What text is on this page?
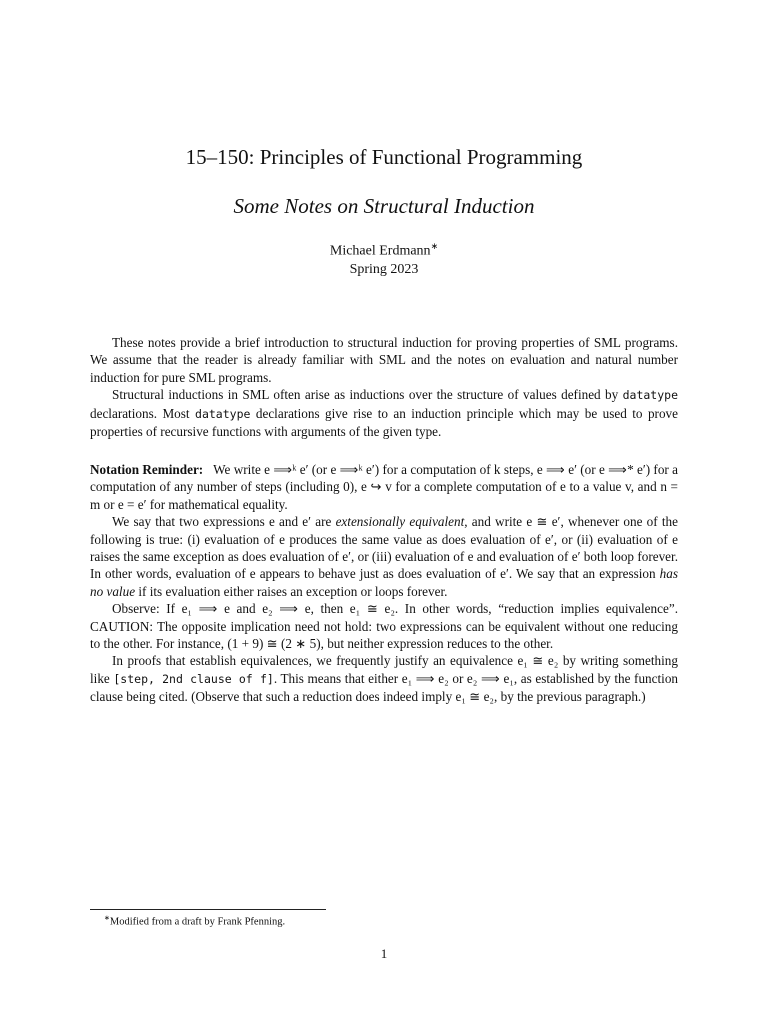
15–150: Principles of Functional Programming
Some Notes on Structural Induction
Michael Erdmann∗
Spring 2023

These notes provide a brief introduction to structural induction for proving properties of SML programs. We assume that the reader is already familiar with SML and the notes on evaluation and natural number induction for pure SML programs.

Structural inductions in SML often arise as inductions over the structure of values defined by datatype declarations. Most datatype declarations give rise to an induction principle which may be used to prove properties of recursive functions with arguments of the given type.

Notation Reminder: We write e ⟹ᵏ e′ (or e ⟹ᵏ e′) for a computation of k steps, e ⟹ e′ (or e ⟹* e′) for a computation of any number of steps (including 0), e ↪ v for a complete computation of e to a value v, and n = m or e = e′ for mathematical equality.

We say that two expressions e and e′ are extensionally equivalent, and write e ≅ e′, whenever one of the following is true: (i) evaluation of e produces the same value as does evaluation of e′, or (ii) evaluation of e raises the same exception as does evaluation of e′, or (iii) evaluation of e and evaluation of e′ both loop forever. In other words, evaluation of e appears to behave just as does evaluation of e′. We say that an expression has no value if its evaluation either raises an exception or loops forever.

Observe: If e₁ ⟹ e and e₂ ⟹ e, then e₁ ≅ e₂. In other words, “reduction implies equivalence”. CAUTION: The opposite implication need not hold: two expressions can be equivalent without one reducing to the other. For instance, (1 + 9) ≅ (2 ∗ 5), but neither expression reduces to the other.

In proofs that establish equivalences, we frequently justify an equivalence e₁ ≅ e₂ by writing something like [step, 2nd clause of f]. This means that either e₁ ⟹ e₂ or e₂ ⟹ e₁, as established by the function clause being cited. (Observe that such a reduction does indeed imply e₁ ≅ e₂, by the previous paragraph.)

∗Modified from a draft by Frank Pfenning.
1
